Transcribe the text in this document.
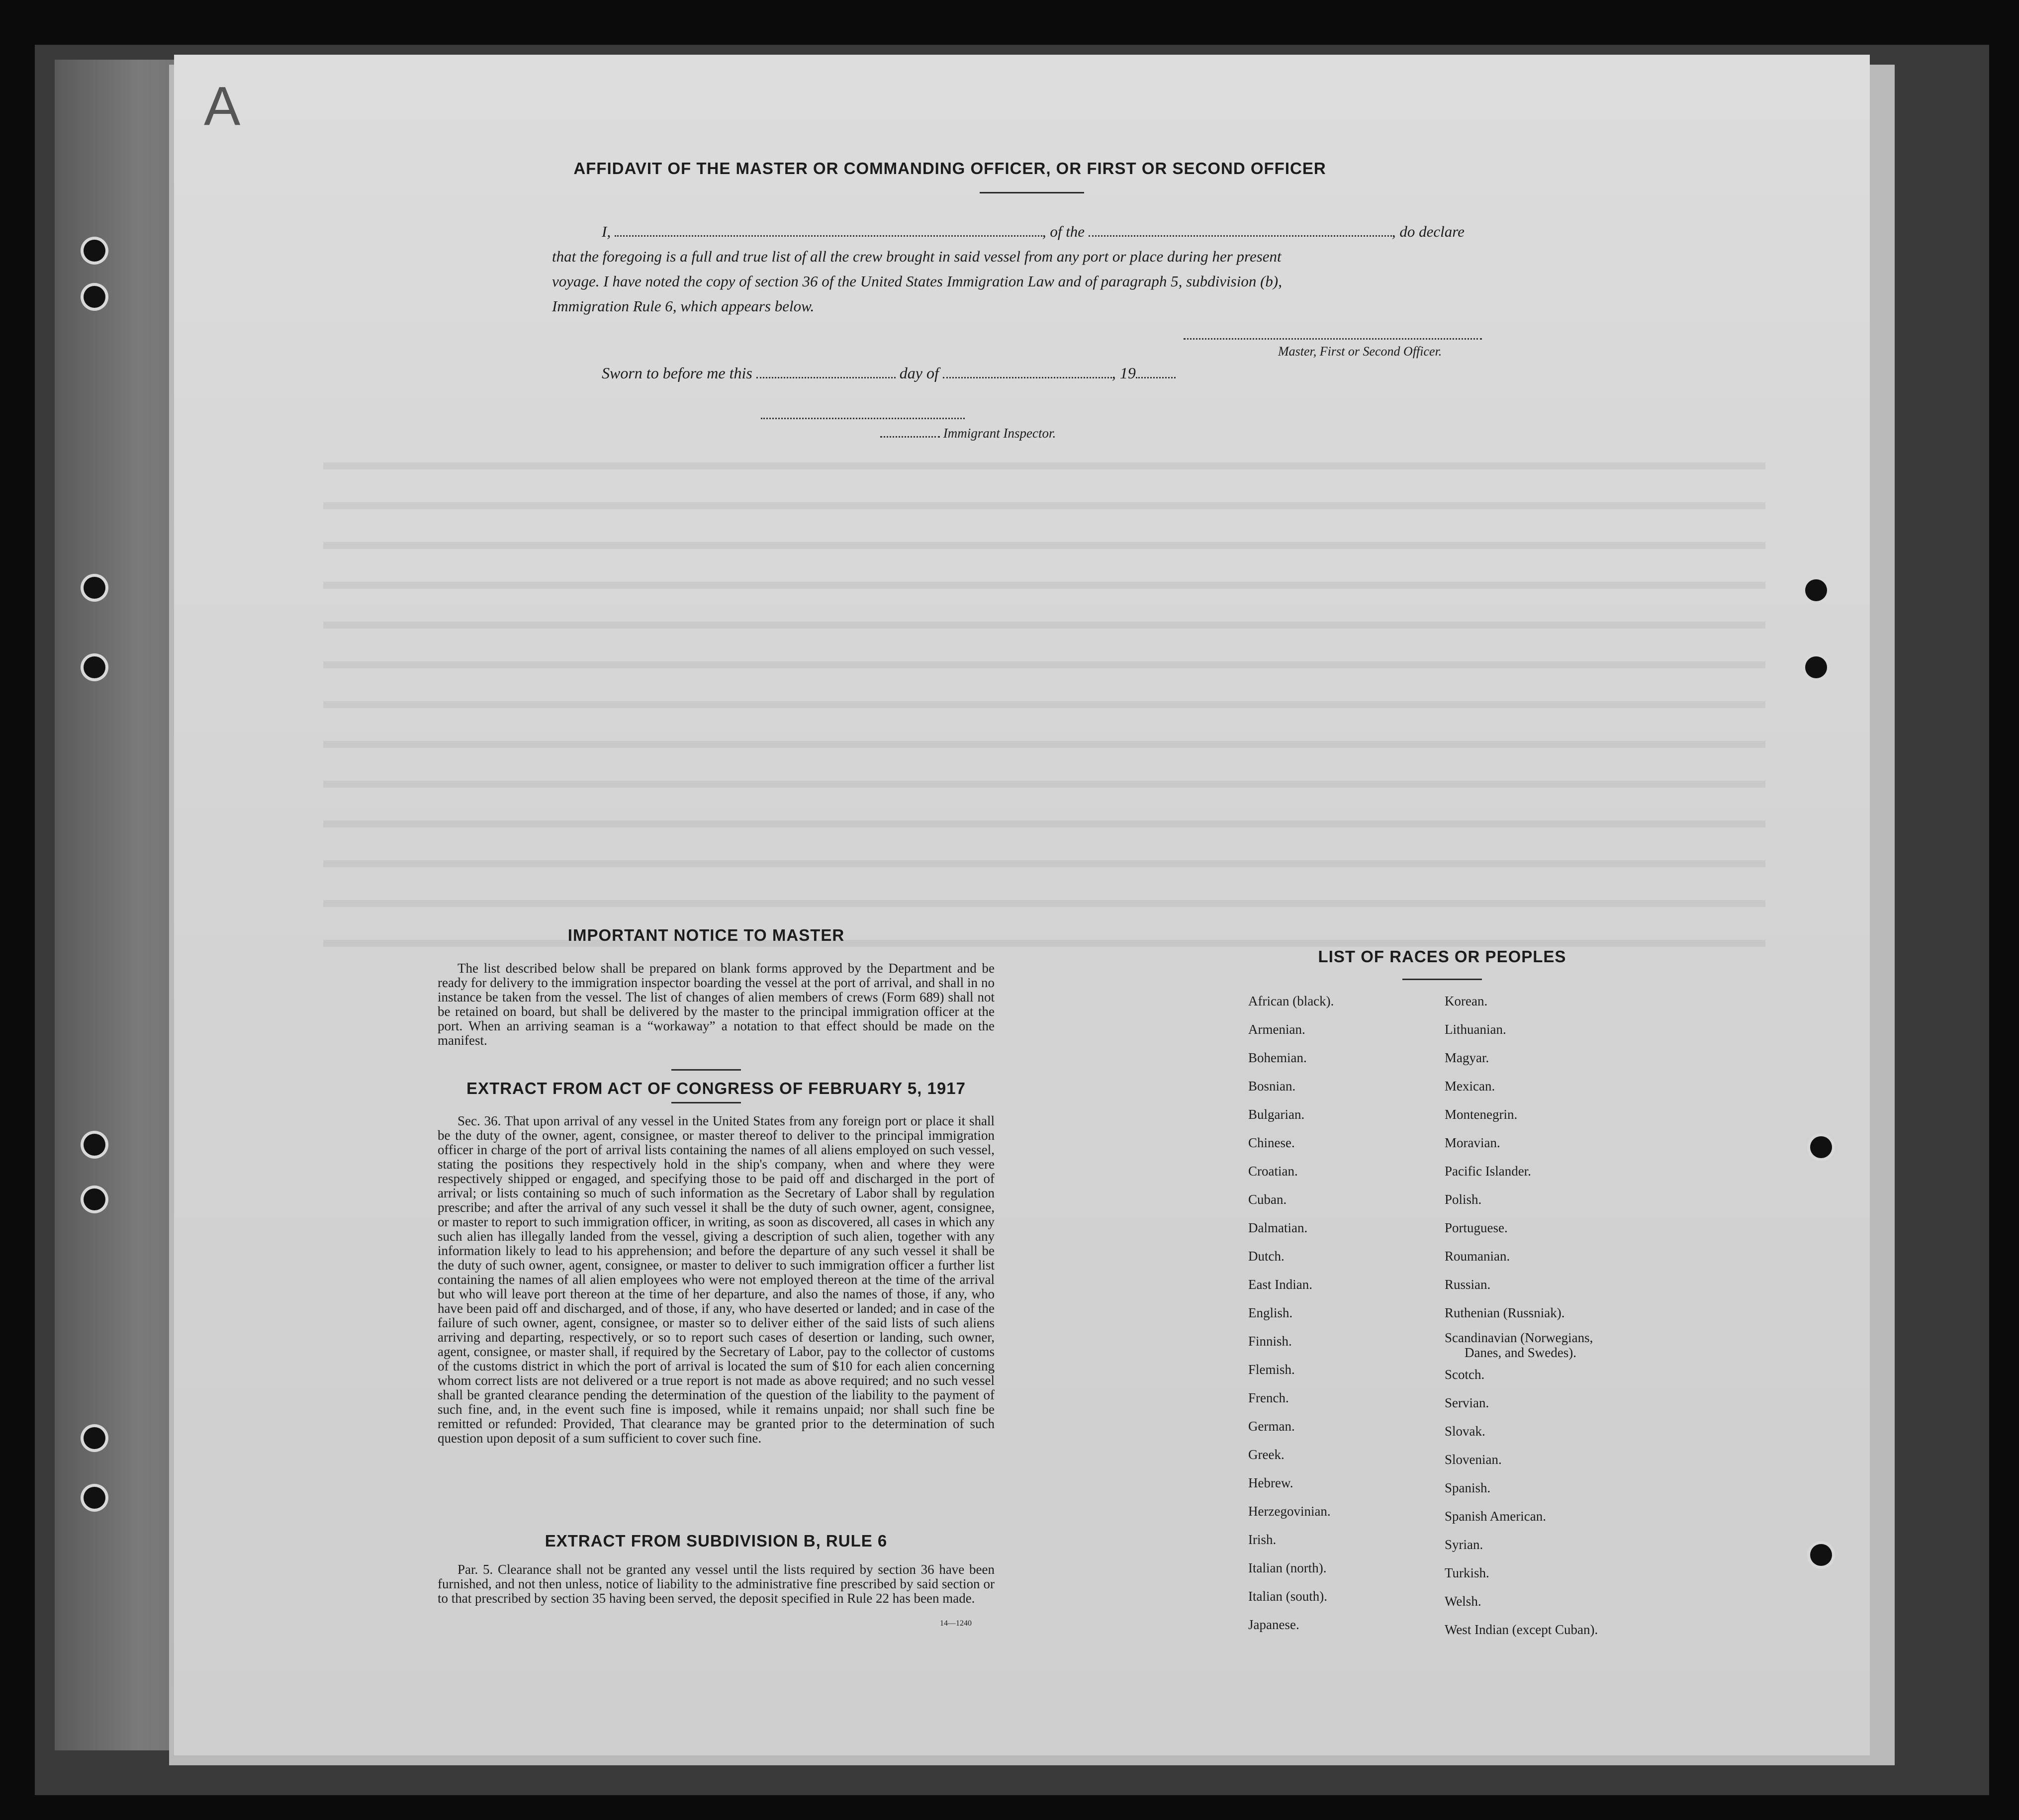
A
AFFIDAVIT OF THE MASTER OR COMMANDING OFFICER, OR FIRST OR SECOND OFFICER
I,	, of the	, do declare
that the foregoing is a full and true list of all the crew brought in said vessel from any port or place during her present
voyage. I have noted the copy of section 36 of the United States Immigration Law and of paragraph 5, subdivision (b),
Immigration Rule 6, which appears below.
Master, First or Second Officer.
Sworn to before me this	day of	, 19
Immigrant Inspector.
IMPORTANT NOTICE TO MASTER

The list described below shall be prepared on blank forms approved by the Department and be ready for delivery to the immigration inspector boarding the vessel at the port of arrival, and shall in no instance be taken from the vessel. The list of changes of alien members of crews (Form 689) shall not be retained on board, but shall be delivered by the master to the principal immigration officer at the port. When an arriving seaman is a “workaway” a notation to that effect should be made on the manifest.

EXTRACT FROM ACT OF CONGRESS OF FEBRUARY 5, 1917

Sec. 36. That upon arrival of any vessel in the United States from any foreign port or place it shall be the duty of the owner, agent, consignee, or master thereof to deliver to the principal immigration officer in charge of the port of arrival lists containing the names of all aliens employed on such vessel, stating the positions they respectively hold in the ship's company, when and where they were respectively shipped or engaged, and specifying those to be paid off and discharged in the port of arrival; or lists containing so much of such information as the Secretary of Labor shall by regulation prescribe; and after the arrival of any such vessel it shall be the duty of such owner, agent, consignee, or master to report to such immigration officer, in writing, as soon as discovered, all cases in which any such alien has illegally landed from the vessel, giving a description of such alien, together with any information likely to lead to his apprehension; and before the departure of any such vessel it shall be the duty of such owner, agent, consignee, or master to deliver to such immigration officer a further list containing the names of all alien employees who were not employed thereon at the time of the arrival but who will leave port thereon at the time of her departure, and also the names of those, if any, who have been paid off and discharged, and of those, if any, who have deserted or landed; and in case of the failure of such owner, agent, consignee, or master so to deliver either of the said lists of such aliens arriving and departing, respectively, or so to report such cases of desertion or landing, such owner, agent, consignee, or master shall, if required by the Secretary of Labor, pay to the collector of customs of the customs district in which the port of arrival is located the sum of $10 for each alien concerning whom correct lists are not delivered or a true report is not made as above required; and no such vessel shall be granted clearance pending the determination of the question of the liability to the payment of such fine, and, in the event such fine is imposed, while it remains unpaid; nor shall such fine be remitted or refunded: Provided, That clearance may be granted prior to the determination of such question upon deposit of a sum sufficient to cover such fine.

EXTRACT FROM SUBDIVISION B, RULE 6

Par. 5. Clearance shall not be granted any vessel until the lists required by section 36 have been furnished, and not then unless, notice of liability to the administrative fine prescribed by said section or to that prescribed by section 35 having been served, the deposit specified in Rule 22 has been made.

14—1240
LIST OF RACES OR PEOPLES
African (black).
Armenian.
Bohemian.
Bosnian.
Bulgarian.
Chinese.
Croatian.
Cuban.
Dalmatian.
Dutch.
East Indian.
English.
Finnish.
Flemish.
French.
German.
Greek.
Hebrew.
Herzegovinian.
Irish.
Italian (north).
Italian (south).
Japanese.
Korean.
Lithuanian.
Magyar.
Mexican.
Montenegrin.
Moravian.
Pacific Islander.
Polish.
Portuguese.
Roumanian.
Russian.
Ruthenian (Russniak).
Scandinavian (Norwegians,
Danes, and Swedes).
Scotch.
Servian.
Slovak.
Slovenian.
Spanish.
Spanish American.
Syrian.
Turkish.
Welsh.
West Indian (except Cuban).
